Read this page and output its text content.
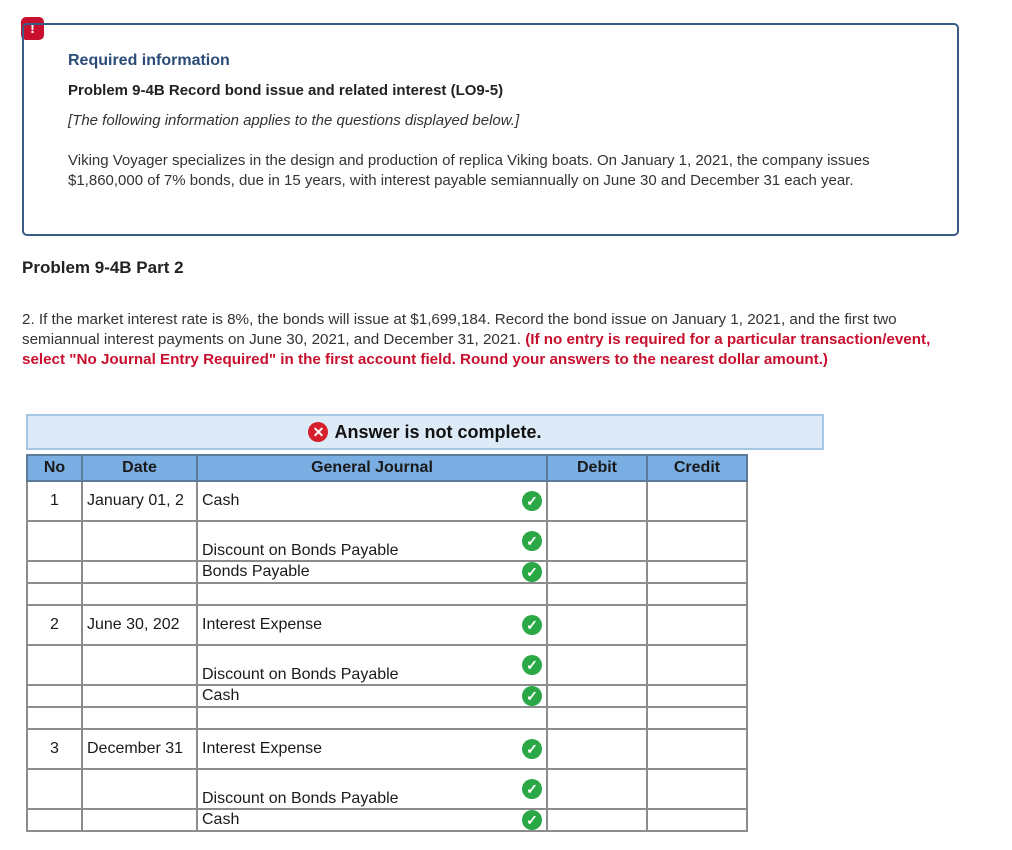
!
Required information
Problem 9-4B Record bond issue and related interest (LO9-5)
[The following information applies to the questions displayed below.]
Viking Voyager specializes in the design and production of replica Viking boats. On January 1, 2021, the company issues $1,860,000 of 7% bonds, due in 15 years, with interest payable semiannually on June 30 and December 31 each year.
Problem 9-4B Part 2
2. If the market interest rate is 8%, the bonds will issue at $1,699,184. Record the bond issue on January 1, 2021, and the first two semiannual interest payments on June 30, 2021, and December 31, 2021. (If no entry is required for a particular transaction/event, select "No Journal Entry Required" in the first account field. Round your answers to the nearest dollar amount.)
✕ Answer is not complete.
No	Date	General Journal	Debit	Credit
1	January 01, 2	Cash ✓		

		Discount on Bonds Payable
✓		

		Bonds Payable ✓		

2	June 30, 202	Interest Expense ✓		

		Discount on Bonds Payable
✓		

		Cash ✓		

3	December 31	Interest Expense ✓		

		Discount on Bonds Payable
✓		

		Cash ✓		
